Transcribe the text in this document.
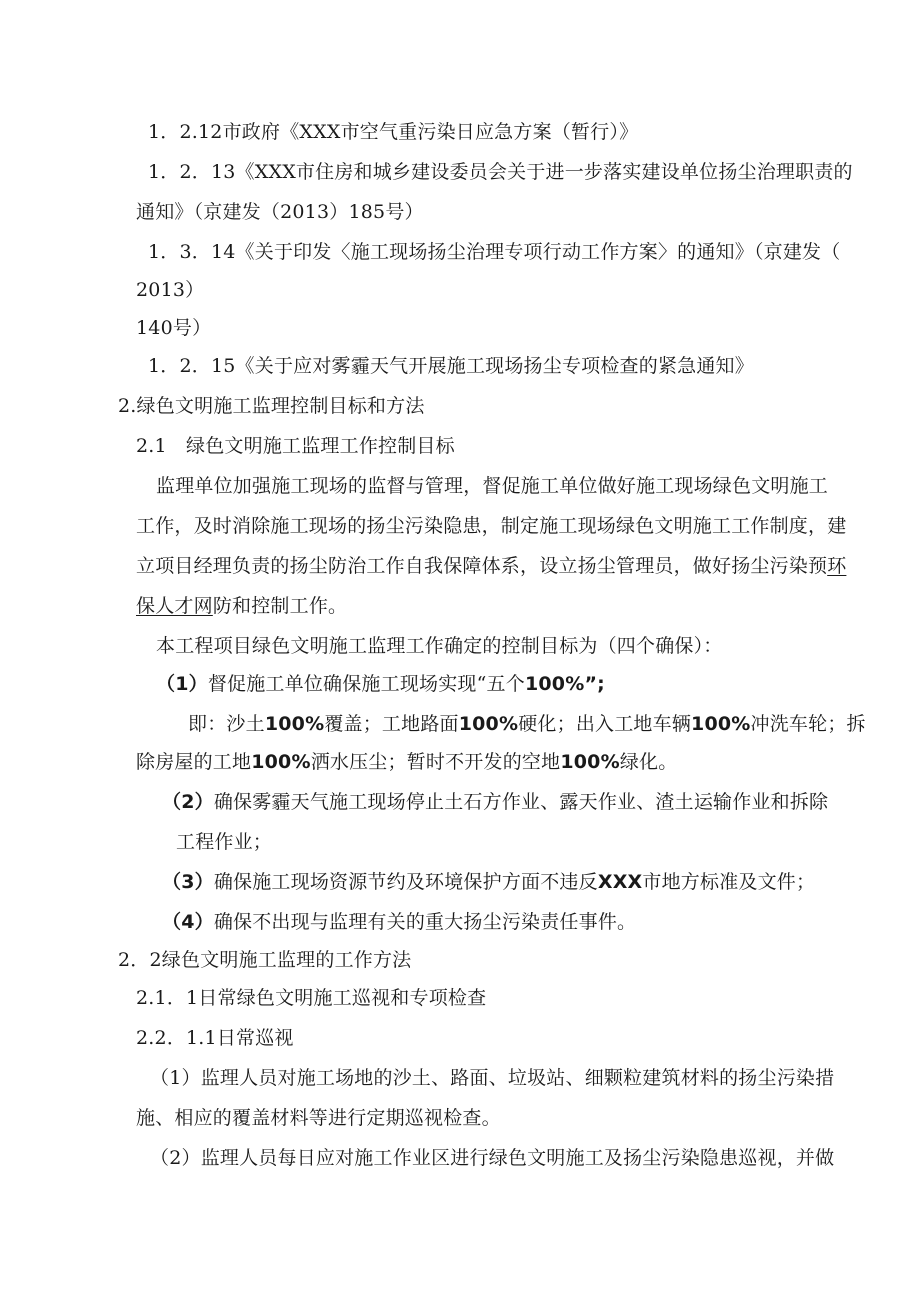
1．2.12市政府《XXX市空气重污染日应急方案（暂行）》
1．2．13《XXX市住房和城乡建设委员会关于进一步落实建设单位扬尘治理职责的
通知》（京建发（2013）185号）
1．3．14《关于印发〈施工现场扬尘治理专项行动工作方案〉的通知》（京建发（
2013）
140号）
1．2．15《关于应对雾霾天气开展施工现场扬尘专项检查的紧急通知》
2.绿色文明施工监理控制目标和方法
2.1　绿色文明施工监理工作控制目标
监理单位加强施工现场的监督与管理，督促施工单位做好施工现场绿色文明施工
工作，及时消除施工现场的扬尘污染隐患，制定施工现场绿色文明施工工作制度，建
立项目经理负责的扬尘防治工作自我保障体系，设立扬尘管理员，做好扬尘污染预环
保人才网防和控制工作。
本工程项目绿色文明施工监理工作确定的控制目标为（四个确保）：
（1）督促施工单位确保施工现场实现“五个100%”;
即：沙土100%覆盖；工地路面100%硬化；出入工地车辆100%冲洗车轮；拆
除房屋的工地100%洒水压尘；暂时不开发的空地100%绿化。
（2）确保雾霾天气施工现场停止土石方作业、露天作业、渣土运输作业和拆除
工程作业；
（3）确保施工现场资源节约及环境保护方面不违反XXX市地方标准及文件；
（4）确保不出现与监理有关的重大扬尘污染责任事件。
2．2绿色文明施工监理的工作方法
2.1．1日常绿色文明施工巡视和专项检查
2.2．1.1日常巡视
（1）监理人员对施工场地的沙土、路面、垃圾站、细颗粒建筑材料的扬尘污染措
施、相应的覆盖材料等进行定期巡视检查。
（2）监理人员每日应对施工作业区进行绿色文明施工及扬尘污染隐患巡视，并做
